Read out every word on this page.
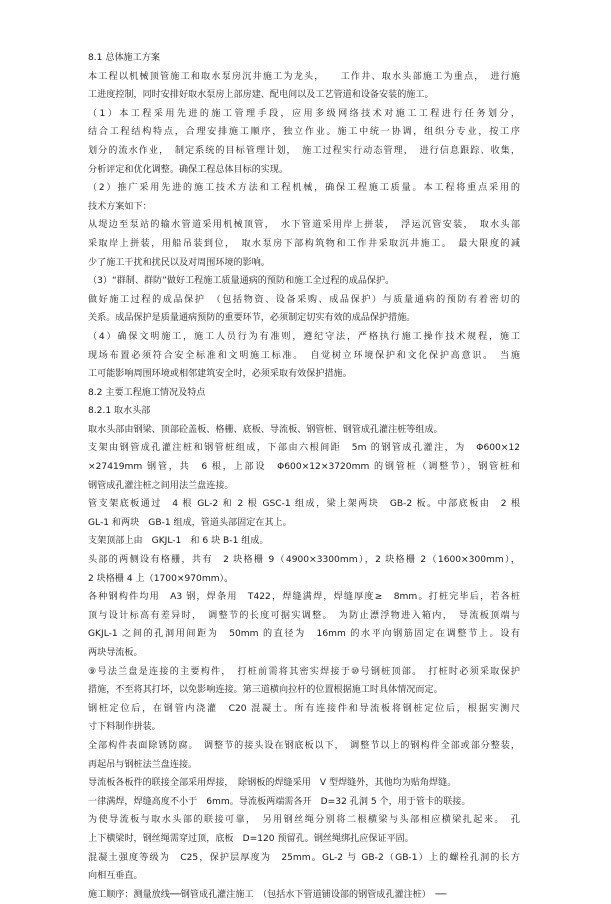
8.1 总体施工方案
本工程以机械顶管施工和取水泵房沉井施工为龙头，　　工作井、取水头部施工为重点，　进行施
工进度控制，同时安排好取水泵房上部房建、配电间以及工艺管道和设备安装的施工。
（1）本工程采用先进的施工管理手段，应用多级网络技术对施工工程进行任务划分，
结合工程结构特点，合理安排施工顺序，独立作业。施工中统一协调，组织分专业，按工序
划分的流水作业，　制定系统的目标管理计划，　施工过程实行动态管理，　进行信息跟踪、收集，
分析评定和优化调整。确保工程总体目标的实现。
（2）推广采用先进的施工技术方法和工程机械，确保工程施工质量。本工程将重点采用的
技术方案如下：
从堤边至泵站的输水管道采用机械顶管，　水下管道采用岸上拼装，　浮运沉管安装，　取水头部
采取岸上拼装，用船吊装到位，　取水泵房下部构筑物和工作井采取沉井施工。　最大限度的减
少了施工干扰和扰民以及对周围环境的影响。
（3）“群制、群防”做好工程施工质量通病的预防和施工全过程的成品保护。
做好施工过程的成品保护　（包括物资、设备采购、成品保护）与质量通病的预防有着密切的
关系。成品保护是质量通病预防的重要环节，必须制定切实有效的成品保护措施。
（4）确保文明施工，施工人员行为有准则，遵纪守法，严格执行施工操作技术规程，施工
现场布置必须符合安全标准和文明施工标准。　自觉树立环境保护和文化保护高意识。　当施
工可能影响周围环境或相邻建筑安全时，必须采取有效保护措施。
8.2 主要工程施工情况及特点
8.2.1 取水头部
取水头部由钢梁、顶部砼盖板、格栅、底板、导流板、钢管桩、钢管成孔灌注桩等组成。
支架由钢管成孔灌注桩和钢管桩组成，下部由六根间距　5m 的钢管成孔灌注，为　Φ600×12
×27419mm 钢管，共　6 根，上部设　Φ600×12×3720mm 的钢管桩（调整节），钢管桩和
钢管成孔灌注桩之间用法兰盘连接。
管支架底板通过　4 根 GL-2 和 2 根 GSC-1 组成，梁上架两块　GB-2 板。中部底板由　2 根
GL-1 和两块　GB-1 组成，管道头部固定在其上。
支架顶部上由　GKJL-1　和 6 块 B-1 组成。
头部的两侧设有格栅，共有　2 块格栅 9（4900×3300mm），2 块格栅 2（1600×300mm），
2 块格栅 4 上（1700×970mm）。
各种钢构件均用　A3 钢，焊条用　T422，焊缝满焊，焊缝厚度≥　8mm。打桩完毕后，若各桩
顶与设计标高有差异时，　调整节的长度可据实调整。　为防止漂浮物进入箱内，　导流板顶端与
GKJL-1 之间的孔洞用间距为　50mm 的直径为　16mm 的水平向钢筋固定在调整节上。设有
两块导流板。
⑨号法兰盘是连接的主要构件，　打桩前需将其密实焊接于⑩号钢桩顶部。　打桩时必须采取保护
措施，不至将其打坏，以免影响连接。第三道横向拉杆的位置根据施工时具体情况而定。
钢桩定位后，在钢管内浇灌　C20 混凝土。所有连接件和导流板将钢桩定位后，根据实测尺
寸下料制作拼装。
全部构件表面除锈防腐。　调整节的接头设在钢底板以下，　调整节以上的钢构件全部或部分整装，
再起吊与钢桩法兰盘连接。
导流板各板件的联接全部采用焊接，　除钢板的焊缝采用　V 型焊缝外，其他均为贴角焊缝。
一律满焊，焊缝高度不小于　6mm。导流板两端需各开　D=32 孔洞 5 个，用于管卡的联接。
为使导流板与取水头部的联接可靠，　另用钢丝绳分别将二根横梁与头部相应横梁扎起来。　孔
上下横梁时，钢丝绳需穿过顶，底板　D=120 预留孔。钢丝绳绑扎应保证平固。
混凝土强度等级为　C25，保护层厚度为　25mm。GL-2 与 GB-2（GB-1）上的螺栓孔洞的长方
向相互垂直。
施工顺序：测量放线──钢管成孔灌注施工　（包括水下管道铺设部的钢管成孔灌注桩）　──
